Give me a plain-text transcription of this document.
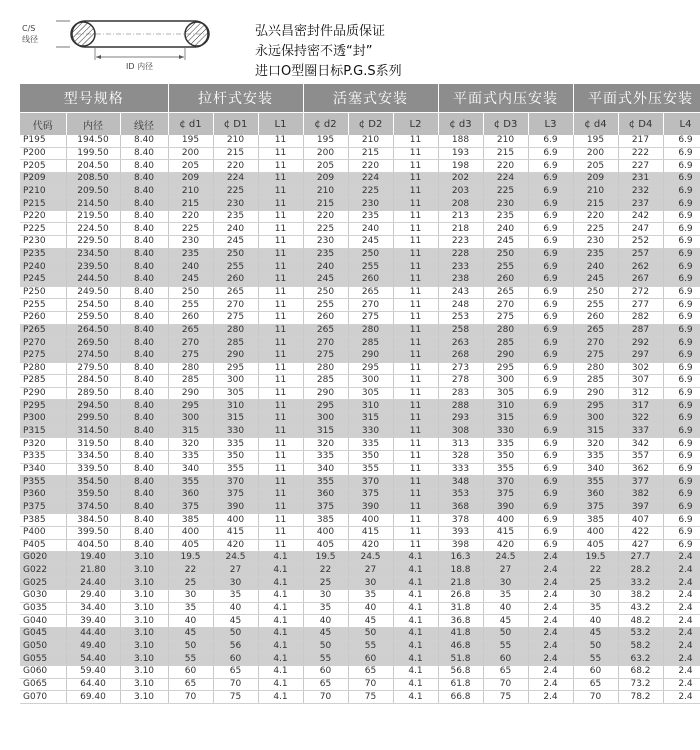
C/S
线径
ID 内径
弘兴昌密封件品质保证
永远保持密不透“封”
进口O型圈日标P.G.S系列
型号规格			拉杆式安装			活塞式安装			平面式内压安装			平面式外压安装		
代码	内径	线径	¢ d1	¢ D1	L1	¢ d2	¢ D2	L2	¢ d3	¢ D3	L3	¢ d4	¢ D4	L4
P195	194.50	8.40	195	210	11	195	210	11	188	210	6.9	195	217	6.9
P200	199.50	8.40	200	215	11	200	215	11	193	215	6.9	200	222	6.9
P205	204.50	8.40	205	220	11	205	220	11	198	220	6.9	205	227	6.9
P209	208.50	8.40	209	224	11	209	224	11	202	224	6.9	209	231	6.9
P210	209.50	8.40	210	225	11	210	225	11	203	225	6.9	210	232	6.9
P215	214.50	8.40	215	230	11	215	230	11	208	230	6.9	215	237	6.9
P220	219.50	8.40	220	235	11	220	235	11	213	235	6.9	220	242	6.9
P225	224.50	8.40	225	240	11	225	240	11	218	240	6.9	225	247	6.9
P230	229.50	8.40	230	245	11	230	245	11	223	245	6.9	230	252	6.9
P235	234.50	8.40	235	250	11	235	250	11	228	250	6.9	235	257	6.9
P240	239.50	8.40	240	255	11	240	255	11	233	255	6.9	240	262	6.9
P245	244.50	8.40	245	260	11	245	260	11	238	260	6.9	245	267	6.9
P250	249.50	8.40	250	265	11	250	265	11	243	265	6.9	250	272	6.9
P255	254.50	8.40	255	270	11	255	270	11	248	270	6.9	255	277	6.9
P260	259.50	8.40	260	275	11	260	275	11	253	275	6.9	260	282	6.9
P265	264.50	8.40	265	280	11	265	280	11	258	280	6.9	265	287	6.9
P270	269.50	8.40	270	285	11	270	285	11	263	285	6.9	270	292	6.9
P275	274.50	8.40	275	290	11	275	290	11	268	290	6.9	275	297	6.9
P280	279.50	8.40	280	295	11	280	295	11	273	295	6.9	280	302	6.9
P285	284.50	8.40	285	300	11	285	300	11	278	300	6.9	285	307	6.9
P290	289.50	8.40	290	305	11	290	305	11	283	305	6.9	290	312	6.9
P295	294.50	8.40	295	310	11	295	310	11	288	310	6.9	295	317	6.9
P300	299.50	8.40	300	315	11	300	315	11	293	315	6.9	300	322	6.9
P315	314.50	8.40	315	330	11	315	330	11	308	330	6.9	315	337	6.9
P320	319.50	8.40	320	335	11	320	335	11	313	335	6.9	320	342	6.9
P335	334.50	8.40	335	350	11	335	350	11	328	350	6.9	335	357	6.9
P340	339.50	8.40	340	355	11	340	355	11	333	355	6.9	340	362	6.9
P355	354.50	8.40	355	370	11	355	370	11	348	370	6.9	355	377	6.9
P360	359.50	8.40	360	375	11	360	375	11	353	375	6.9	360	382	6.9
P375	374.50	8.40	375	390	11	375	390	11	368	390	6.9	375	397	6.9
P385	384.50	8.40	385	400	11	385	400	11	378	400	6.9	385	407	6.9
P400	399.50	8.40	400	415	11	400	415	11	393	415	6.9	400	422	6.9
P405	404.50	8.40	405	420	11	405	420	11	398	420	6.9	405	427	6.9
G020	19.40	3.10	19.5	24.5	4.1	19.5	24.5	4.1	16.3	24.5	2.4	19.5	27.7	2.4
G022	21.80	3.10	22	27	4.1	22	27	4.1	18.8	27	2.4	22	28.2	2.4
G025	24.40	3.10	25	30	4.1	25	30	4.1	21.8	30	2.4	25	33.2	2.4
G030	29.40	3.10	30	35	4.1	30	35	4.1	26.8	35	2.4	30	38.2	2.4
G035	34.40	3.10	35	40	4.1	35	40	4.1	31.8	40	2.4	35	43.2	2.4
G040	39.40	3.10	40	45	4.1	40	45	4.1	36.8	45	2.4	40	48.2	2.4
G045	44.40	3.10	45	50	4.1	45	50	4.1	41.8	50	2.4	45	53.2	2.4
G050	49.40	3.10	50	56	4.1	50	55	4.1	46.8	55	2.4	50	58.2	2.4
G055	54.40	3.10	55	60	4.1	55	60	4.1	51.8	60	2.4	55	63.2	2.4
G060	59.40	3.10	60	65	4.1	60	65	4.1	56.8	65	2.4	60	68.2	2.4
G065	64.40	3.10	65	70	4.1	65	70	4.1	61.8	70	2.4	65	73.2	2.4
G070	69.40	3.10	70	75	4.1	70	75	4.1	66.8	75	2.4	70	78.2	2.4
